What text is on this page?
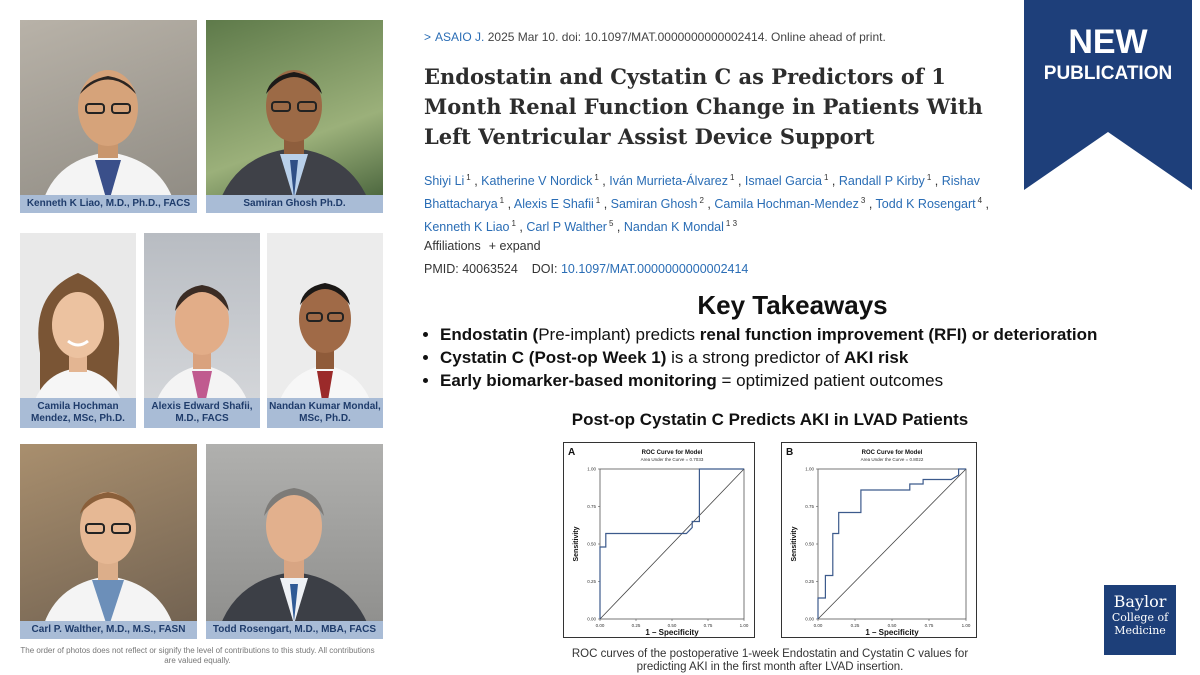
Kenneth K Liao, M.D., Ph.D., FACS	Samiran Ghosh Ph.D.
Camila Hochman Mendez, MSc, Ph.D.
Alexis Edward Shafii, M.D., FACS
Nandan Kumar Mondal, MSc, Ph.D.
Carl P. Walther, M.D., M.S., FASN	Todd Rosengart, M.D., MBA, FACS
The order of photos does not reflect or signify the level of contributions to this study. All contributions are valued equally.
> ASAIO J. 2025 Mar 10. doi: 10.1097/MAT.0000000000002414. Online ahead of print.
Endostatin and Cystatin C as Predictors of 1 Month Renal Function Change in Patients With Left Ventricular Assist Device Support
Shiyi Li $^1$ , Katherine V Nordick $^1$ , Iván Murrieta-Álvarez $^1$ , Ismael Garcia $^1$ , Randall P Kirby $^1$ , Rishav Bhattacharya $^1$ , Alexis E Shafii $^1$ , Samiran Ghosh $^2$ , Camila Hochman-Mendez $^3$ , Todd K Rosengart $^4$ , Kenneth K Liao $^1$ , Carl P Walther $^5$ , Nandan K Mondal $^{1 3}$
Affiliations + expand
PMID: 40063524 DOI: 10.1097/MAT.0000000000002414
Key Takeaways
• Endostatin (Pre-implant) predicts renal function improvement (RFI) or deterioration
• Cystatin C (Post-op Week 1) is a strong predictor of AKI risk
• Early biomarker-based monitoring = optimized patient outcomes
Post-op Cystatin C Predicts AKI in LVAD Patients
A	ROC Curve for Model
Area Under the Curve = 0.7033
0.00
0.00
0.25
0.25
0.50
0.50
0.75
0.75
1.00
1.00
1 – Specificity
Sensitivity
B	ROC Curve for Model
Area Under the Curve = 0.8022
0.00
0.00
0.25
0.25
0.50
0.50
0.75
0.75
1.00
1.00
1 – Specificity
Sensitivity
ROC curves of the postoperative 1-week Endostatin and Cystatin C values for predicting AKI in the first month after LVAD insertion.
NEW
PUBLICATION
Baylor
College of
Medicine
